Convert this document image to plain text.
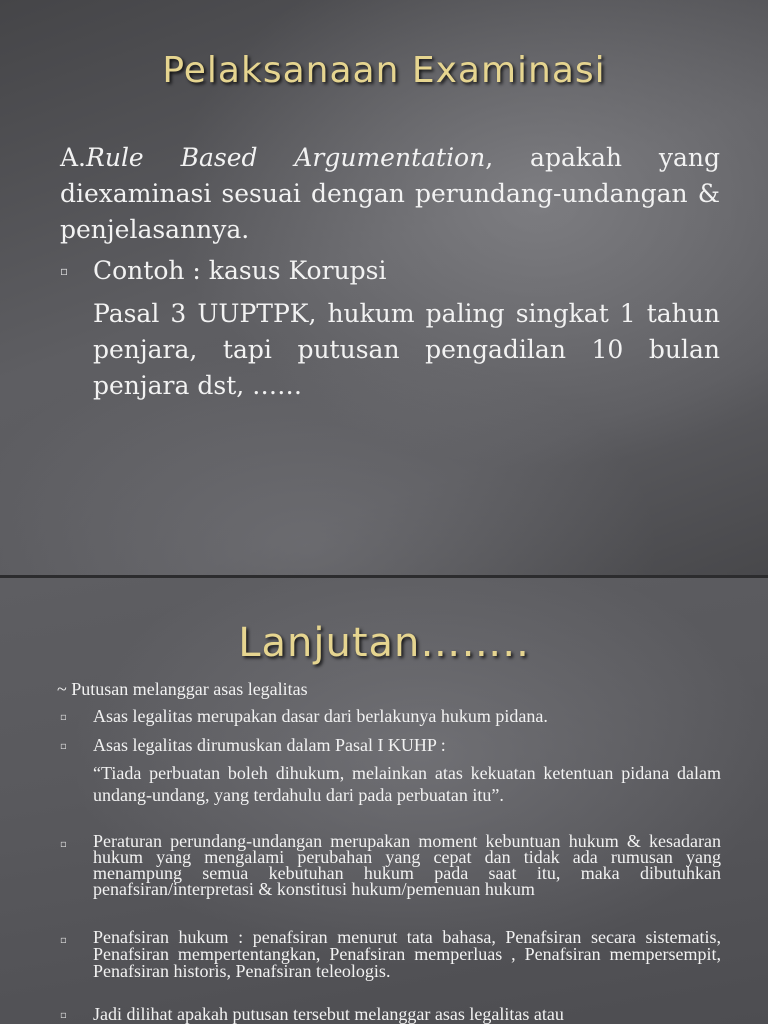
Pelaksanaan Examinasi
A.Rule Based Argumentation, apakah yang diexaminasi sesuai dengan perundang-undangan & penjelasannya.
▫ Contoh : kasus Korupsi
Pasal 3 UUPTPK, hukum paling singkat 1 tahun penjara, tapi putusan pengadilan 10 bulan penjara dst, ……
Lanjutan……..
~ Putusan melanggar asas legalitas
▫ Asas legalitas merupakan dasar dari berlakunya hukum pidana.
▫ Asas legalitas dirumuskan dalam Pasal I KUHP :
“Tiada perbuatan boleh dihukum, melainkan atas kekuatan ketentuan pidana dalam undang-undang, yang terdahulu dari pada perbuatan itu”.
▫ Peraturan perundang-undangan merupakan moment kebuntuan hukum & kesadaran hukum yang mengalami perubahan yang cepat dan tidak ada rumusan yang menampung semua kebutuhan hukum pada saat itu, maka dibutuhkan penafsiran/interpretasi & konstitusi hukum/pemenuan hukum
▫ Penafsiran hukum : penafsiran menurut tata bahasa, Penafsiran secara sistematis, Penafsiran mempertentangkan, Penafsiran memperluas , Penafsiran mempersempit, Penafsiran historis, Penafsiran teleologis.
▫ Jadi dilihat apakah putusan tersebut melanggar asas legalitas atau
